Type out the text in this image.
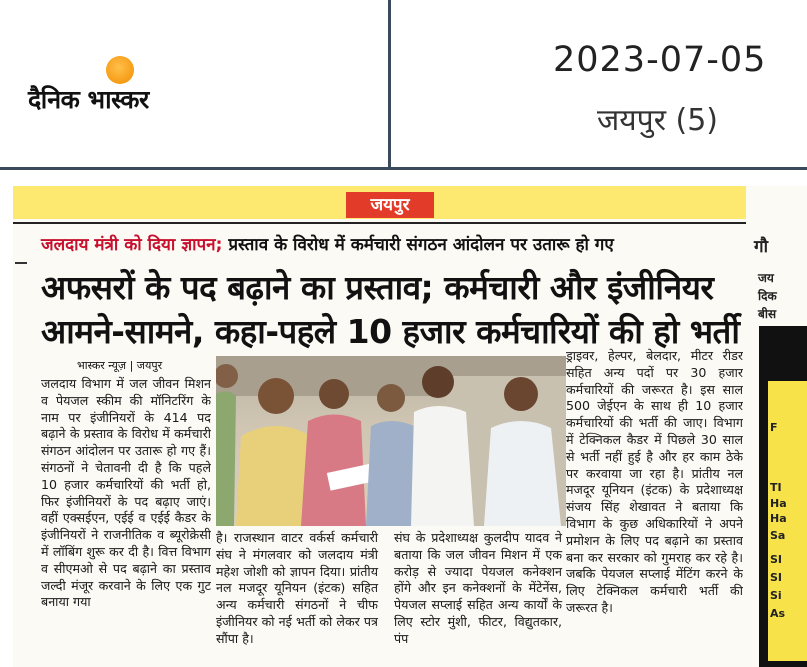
दैनिक भास्कर
2023-07-05
जयपुर (5)
जयपुर
जलदाय मंत्री को दिया ज्ञापन; प्रस्ताव के विरोध में कर्मचारी संगठन आंदोलन पर उतारू हो गए
अफसरों के पद बढ़ाने का प्रस्ताव; कर्मचारी और इंजीनियर
आमने-सामने, कहा-पहले 10 हजार कर्मचारियों की हो भर्ती
भास्कर न्यूज़ | जयपुर
जलदाय विभाग में जल जीवन मिशन व पेयजल स्कीम की मॉनिटरिंग के नाम पर इंजीनियरों के 414 पद बढ़ाने के प्रस्ताव के विरोध में कर्मचारी संगठन आंदोलन पर उतारू हो गए हैं। संगठनों ने चेतावनी दी है कि पहले 10 हजार कर्मचारियों की भर्ती हो, फिर इंजीनियरों के पद बढ़ाए जाएं। वहीं एक्सईएन, एईई व एईई कैडर के इंजीनियरों ने राजनीतिक व ब्यूरोक्रेसी में लॉबिंग शुरू कर दी है। वित्त विभाग व सीएमओ से पद बढ़ाने का प्रस्ताव जल्दी मंजूर करवाने के लिए एक गुट बनाया गया
है। राजस्थान वाटर वर्कर्स कर्मचारी संघ ने मंगलवार को जलदाय मंत्री महेश जोशी को ज्ञापन दिया। प्रांतीय नल मजदूर यूनियन (इंटक) सहित अन्य कर्मचारी संगठनों ने चीफ इंजीनियर को नई भर्ती को लेकर पत्र सौंपा है।
संघ के प्रदेशाध्यक्ष कुलदीप यादव ने बताया कि जल जीवन मिशन में एक करोड़ से ज्यादा पेयजल कनेक्शन होंगे और इन कनेक्शनों के मेंटेनेंस, पेयजल सप्लाई सहित अन्य कार्यों के लिए स्टोर मुंशी, फीटर, विद्युतकार, पंप
ड्राइवर, हेल्पर, बेलदार, मीटर रीडर सहित अन्य पदों पर 30 हजार कर्मचारियों की जरूरत है। इस साल 500 जेईएन के साथ ही 10 हजार कर्मचारियों की भर्ती की जाए। विभाग में टेक्निकल कैडर में पिछले 30 साल से भर्ती नहीं हुई है और हर काम ठेके पर करवाया जा रहा है। प्रांतीय नल मजदूर यूनियन (इंटक) के प्रदेशाध्यक्ष संजय सिंह शेखावत ने बताया कि विभाग के कुछ अधिकारियों ने अपने प्रमोशन के लिए पद बढ़ाने का प्रस्ताव बना कर सरकार को गुमराह कर रहे है। जबकि पेयजल सप्लाई मेंटिंग करने के लिए टेक्निकल कर्मचारी भर्ती की जरूरत है।
गौ
जय
दिक
बीस
F
TI
Ha
Ha
Sa
SI
SI
Si
As
